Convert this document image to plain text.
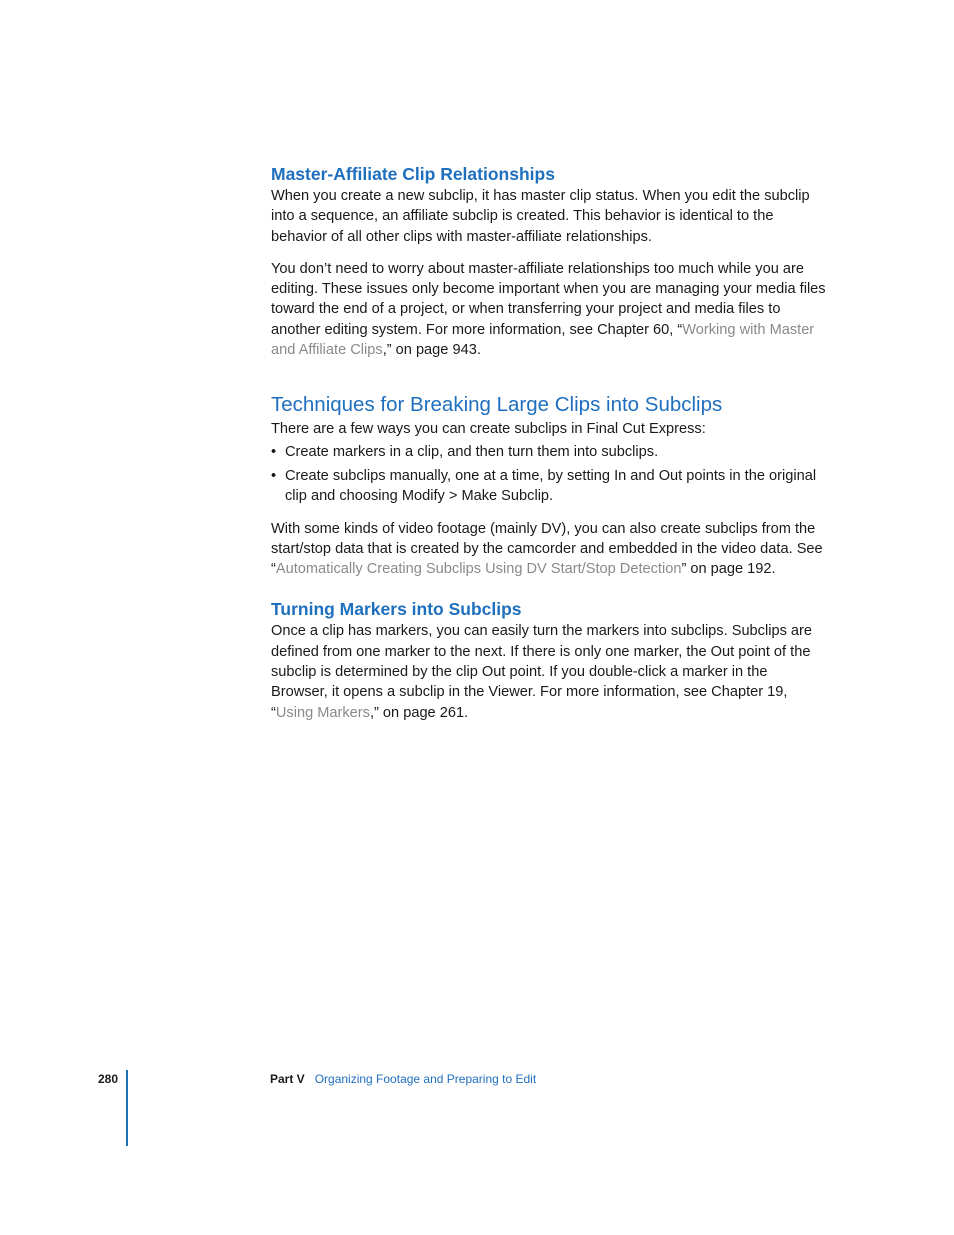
Master-Affiliate Clip Relationships

When you create a new subclip, it has master clip status. When you edit the subclip into a sequence, an affiliate subclip is created. This behavior is identical to the behavior of all other clips with master-affiliate relationships.

You don’t need to worry about master-affiliate relationships too much while you are editing. These issues only become important when you are managing your media files toward the end of a project, or when transferring your project and media files to another editing system. For more information, see Chapter 60, “Working with Master and Affiliate Clips,” on page 943.

Techniques for Breaking Large Clips into Subclips

There are a few ways you can create subclips in Final Cut Express:

• Create markers in a clip, and then turn them into subclips.
• Create subclips manually, one at a time, by setting In and Out points in the original clip and choosing Modify > Make Subclip.

With some kinds of video footage (mainly DV), you can also create subclips from the start/stop data that is created by the camcorder and embedded in the video data. See “Automatically Creating Subclips Using DV Start/Stop Detection” on page 192.

Turning Markers into Subclips

Once a clip has markers, you can easily turn the markers into subclips. Subclips are defined from one marker to the next. If there is only one marker, the Out point of the subclip is determined by the clip Out point. If you double-click a marker in the Browser, it opens a subclip in the Viewer. For more information, see Chapter 19, “Using Markers,” on page 261.

280	Part V Organizing Footage and Preparing to Edit
